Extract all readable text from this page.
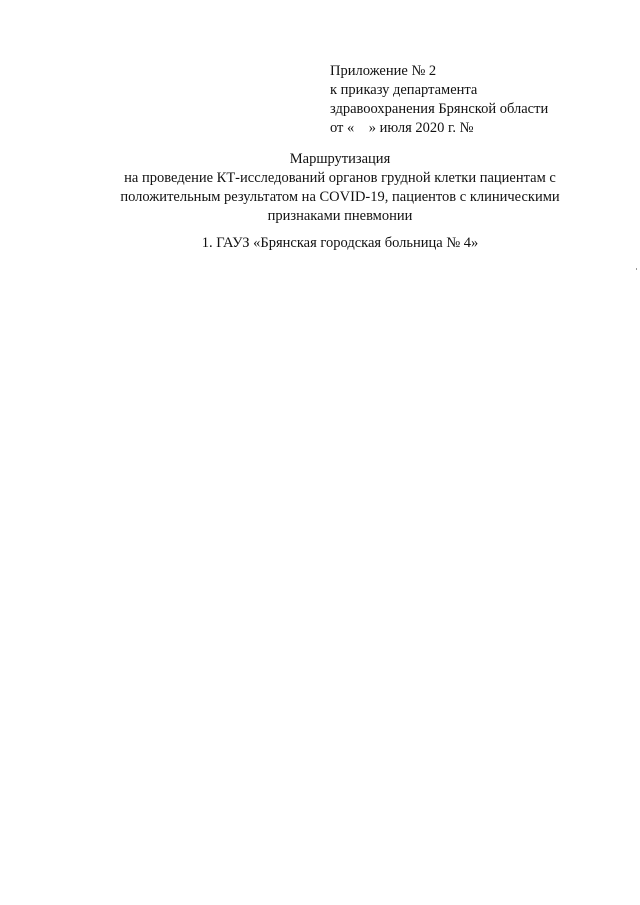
Приложение № 2
к приказу департамента
здравоохранения Брянской области
от «    » июля 2020 г. №
Маршрутизация
на проведение КТ-исследований органов грудной клетки пациентам с
положительным результатом на COVID-19, пациентов с клиническими
признаками пневмонии
1. ГАУЗ «Брянская городская больница № 4»
